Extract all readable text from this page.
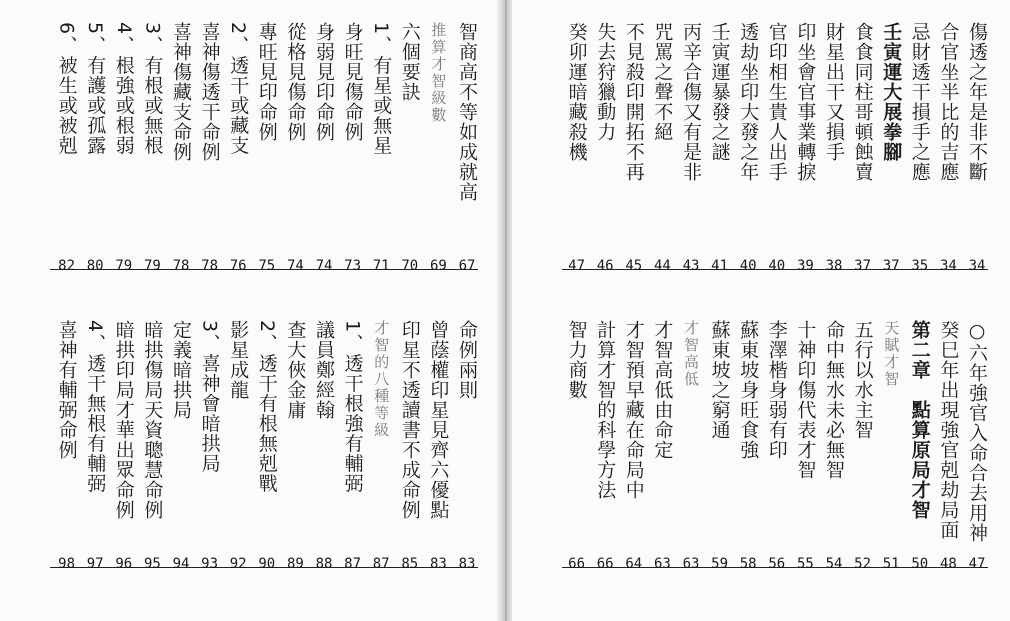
智商高不等如成就高
67
推算才智級數
69
六個要訣
70
1、有星或無星
71
身旺見傷命例
73
身弱見印命例
74
從格見傷命例
74
專旺見印命例
75
2、透干或藏支
76
喜神傷透干命例
78
喜神傷藏支命例
78
3、有根或無根
79
4、根強或根弱
79
5、有護或孤露
80
6、被生或被剋
82
命例兩則
83
曾蔭權印星見齊六優點
83
印星不透讀書不成命例
85
才智的八種等級
87
1、透干根強有輔弼
87
議員鄭經翰
88
查大俠金庸
89
2、透干有根無剋戰
90
影星成龍
92
3、喜神會暗拱局
93
定義暗拱局
94
暗拱傷局天資聰慧命例
95
暗拱印局才華出眾命例
96
4、透干無根有輔弼
97
喜神有輔弼命例
98
傷透之年是非不斷
34
合官坐半比的吉應
34
忌財透干損手之應
35
壬寅運大展拳腳
37
食食同柱哥頓蝕賣
37
財星出干又損手
38
印坐會官事業轉捩
39
官印相生貴人出手
40
透劫坐印大發之年
40
壬寅運暴發之謎
41
丙辛合傷又有是非
43
咒罵之聲不絕
44
不見殺印開拓不再
45
失去狩獵動力
46
癸卯運暗藏殺機
47
○六年強官入命合去用神
47
癸巳年出現強官剋劫局面
48
第二章　點算原局才智
50
天賦才智
51
五行以水主智
52
命中無水未必無智
54
十神印傷代表才智
55
李澤楷身弱有印
56
蘇東坡身旺食強
58
蘇東坡之窮通
59
才智高低
63
才智高低由命定
63
才智預早藏在命局中
64
計算才智的科學方法
66
智力商數
66
